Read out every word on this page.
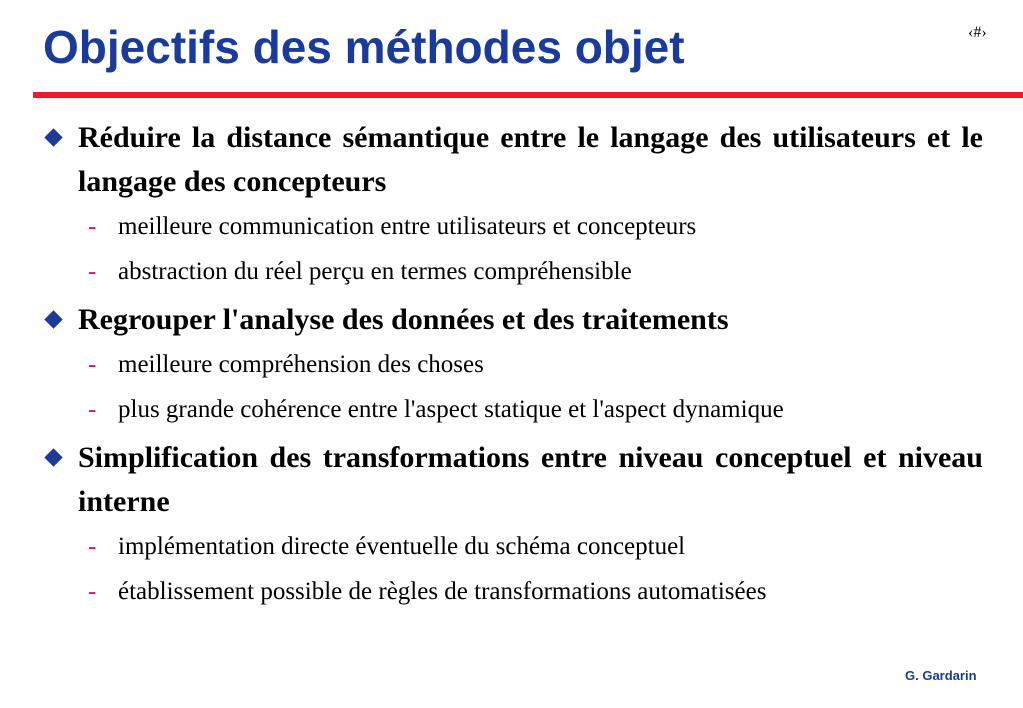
Objectifs des méthodes objet	‹#›
Réduire la distance sémantique entre le langage des utilisateurs et le langage des concepteurs
- meilleure communication entre utilisateurs et concepteurs
- abstraction du réel perçu en termes compréhensible
Regrouper l'analyse des données et des traitements
- meilleure compréhension des choses
- plus grande cohérence entre l'aspect statique et l'aspect dynamique
Simplification des transformations entre niveau conceptuel et niveau interne
- implémentation directe éventuelle du schéma conceptuel
- établissement possible de règles de transformations automatisées
G. Gardarin
